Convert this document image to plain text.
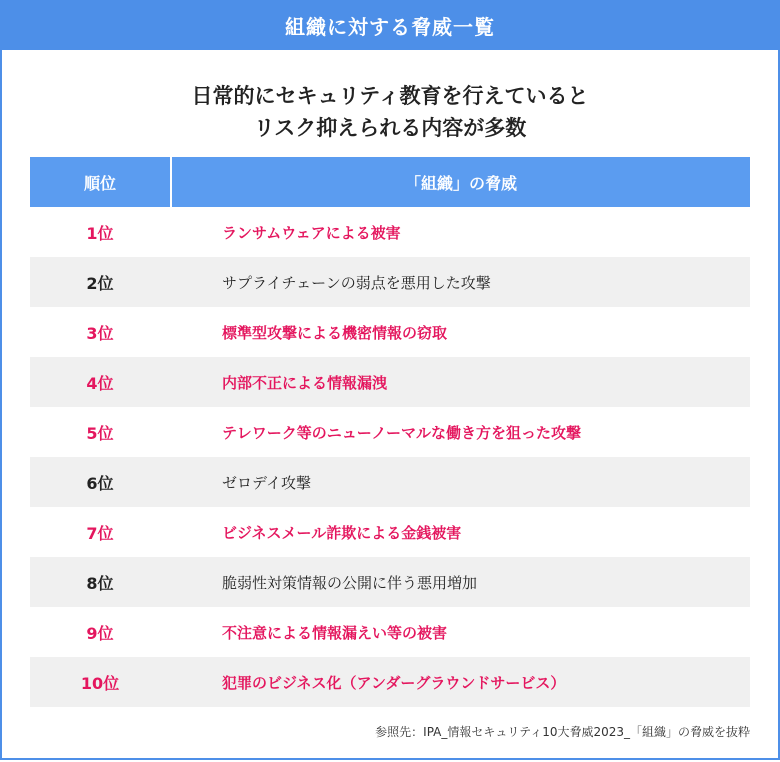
組織に対する脅威一覧
日常的にセキュリティ教育を行えていると
リスク抑えられる内容が多数
順位	「組織」の脅威
1位	ランサムウェアによる被害
2位	サプライチェーンの弱点を悪用した攻撃
3位	標準型攻撃による機密情報の窃取
4位	内部不正による情報漏洩
5位	テレワーク等のニューノーマルな働き方を狙った攻撃
6位	ゼロデイ攻撃
7位	ビジネスメール詐欺による金銭被害
8位	脆弱性対策情報の公開に伴う悪用増加
9位	不注意による情報漏えい等の被害
10位	犯罪のビジネス化（アンダーグラウンドサービス）
参照先：IPA_情報セキュリティ10大脅威2023_「組織」の脅威を抜粋
